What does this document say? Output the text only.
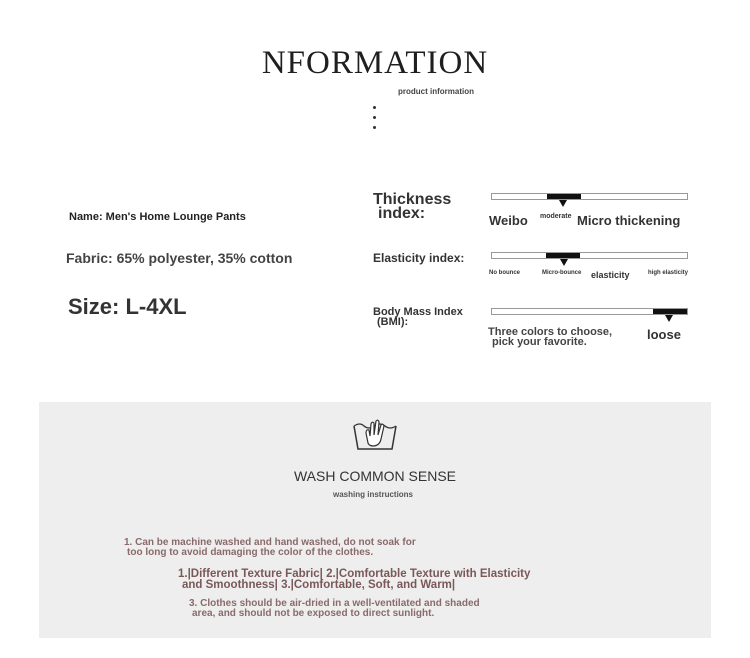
NFORMATION
product information
Name: Men's Home Lounge Pants
Fabric: 65% polyester, 35% cotton
Size: L-4XL
Thickness
index:	Weibo moderate Micro thickening
Elasticity index:
No bounce	Micro-bounce elasticity	high elasticity
Body Mass Index
(BMI):
Three colors to choose,
pick your favorite.	loose
WASH COMMON SENSE
washing instructions
1. Can be machine washed and hand washed, do not soak for
too long to avoid damaging the color of the clothes.
1.|Different Texture Fabric| 2.|Comfortable Texture with Elasticity
and Smoothness| 3.|Comfortable, Soft, and Warm|
3. Clothes should be air-dried in a well-ventilated and shaded
area, and should not be exposed to direct sunlight.
